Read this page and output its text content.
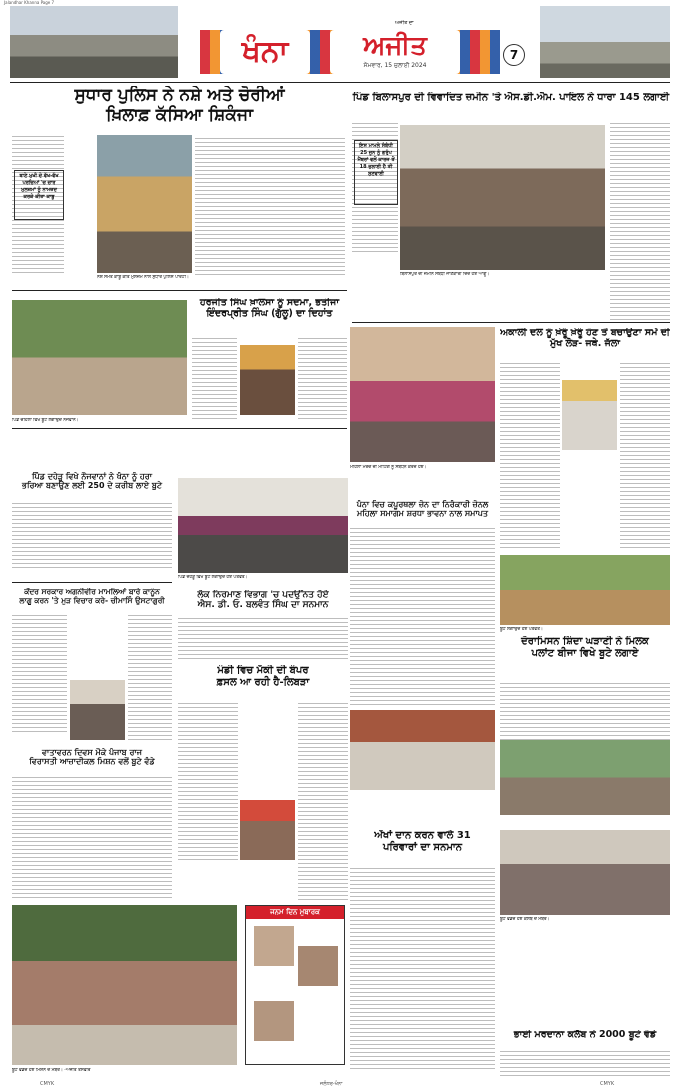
Jalandhar Khanna Page 7
ਖੰਨਾ	ਅਜੀਤ
ਸੋਮਵਾਰ, 15 ਜੁਲਾਈ 2024
ਅਜੀਤ ਦਾ
7
ਸੁਧਾਰ ਪੁਲਿਸ ਨੇ ਨਸ਼ੇ ਅਤੇ ਚੋਰੀਆਂ
ਖ਼ਿਲਾਫ਼ ਕੱਸਿਆ ਸ਼ਿਕੰਜਾ
ਥਾਣੇ ਮੁਖੀ ਦੇ ਵੱਖ-ਵੱਖ ਪਰਚਿਆਂ 'ਚ ਚਾਰ ਮੁਲਜ਼ਮਾਂ ਨੂੰ ਨਾਮਜ਼ਦ ਕਰਕੇ ਕੀਤਾ ਕਾਬੂ
ਨਸ਼ੇ ਸਮੇਤ ਕਾਬੂ ਕੀਤੇ ਮੁਲਜ਼ਮ ਨਾਲ ਸੁਧਾਰ ਪੁਲਿਸ ਪਾਰਟੀ।
ਪਿੰਡ ਬਿਲਾਸਪੁਰ ਦੀ ਵਿਵਾਦਿਤ ਜ਼ਮੀਨ 'ਤੇ ਐਸ.ਡੀ.ਐਮ. ਪਾਇਲ ਨੇ ਧਾਰਾ 145 ਲਗਾਈ
ਇਸ ਮਾਮਲੇ ਸੰਬੰਧੀ 25 ਜੂਨ ਨੂੰ ਗਰੁੱਪ ਮੈਂਬਰਾਂ ਵਲੋਂ ਕਾਰਜ ਤੋਂ 18 ਜੁਲਾਈ ਹੈ ਤੀ ਸੁਣਵਾਈ
ਬਿਲਾਸਪੁਰ ਦੀ ਜ਼ਮੀਨ ਸਬੰਧੀ ਜਾਣਕਾਰੀ ਦਿੰਦੇ ਹੋਏ ਆਗੂ।
ਪਿੰਡ ਚਹਿਲਾਂ ਵਿਖੇ ਬੂਟੇ ਲਗਾਉਂਦੇ ਨੌਜਵਾਨ।
ਹਰਜੀਤ ਸਿੰਘ ਖ਼ਾਲਸਾ ਨੂੰ ਸਦਮਾ, ਭਤੀਜਾ
ਇੰਦਰਪ੍ਰੀਤ ਸਿੰਘ (ਗੁੱਲੂ) ਦਾ ਦਿਹਾਂਤ
ਮਹਿਲਾ ਮੋਰਚੇ ਦੀ ਮੀਟਿੰਗ ਨੂੰ ਸੰਬੋਧਨ ਕਰਦੇ ਹੋਏ।
ਅਕਾਲੀ ਦਲ ਨੂੰ ਖ਼ੇਰੂੰ ਖ਼ੇਰੂੰ ਹੋਣ ਤੋਂ ਬਚਾਉਣਾ ਸਮੇਂ ਦੀ ਮੁੱਖ ਲੋੜ- ਜਥੇ. ਜੱਲਾ
ਪਿੰਡ ਦਹੇੜੂ ਵਿਖੇ ਨੌਜਵਾਨਾਂ ਨੇ ਖੰਨਾ ਨੂੰ ਹਰਾ
ਭਰਿਆ ਬਣਾਉਣ ਲਈ 250 ਦੇ ਕਰੀਬ ਲਾਏ ਬੂਟੇ
ਪਿੰਡ ਦਹੇੜੂ ਵਿਖੇ ਬੂਟੇ ਲਗਾਉਂਦੇ ਹੋਏ ਪਤਵੰਤੇ।
ਪੰਨਾ ਵਿਚ ਕਪੂਰਥਲਾ ਜ਼ੋਨ ਦਾ ਨਿਰੰਕਾਰੀ ਜ਼ੋਨਲ
ਮਹਿਲਾ ਸਮਾਗਮ ਸ਼ਰਧਾ ਭਾਵਨਾ ਨਾਲ ਸਮਾਪਤ
ਬੂਟੇ ਲਗਾਉਂਦੇ ਹੋਏ ਪਤਵੰਤੇ।
ਦੋਰਾਮਿਸਨ ਸ਼ਿੰਦਾ ਘੜਾਣੀ ਨੇ ਮਿਲਕ
ਪਲਾਂਟ ਬੀਜਾ ਵਿਖੇ ਬੂਟੇ ਲਗਾਏ
ਕੇਂਦਰ ਸਰਕਾਰ ਅਗਨੀਵੀਰ ਮਾਮਲਿਆਂ ਬਾਰੇ ਕਾਨੂੰਨ
ਲਾਗੂ ਕਰਨ 'ਤੇ ਮੁੜ ਵਿਚਾਰ ਕਰੇ- ਚੀਮਾਸਿੰ ਉਸਟਾਗੁਰੀ
ਲੋਕ ਨਿਰਮਾਣ ਵਿਭਾਗ 'ਚ ਪਦਉੱਨਤ ਹੋਏ
ਐਸ. ਡੀ. ਓ. ਬਲਵੰਤ ਸਿੰਘ ਦਾ ਸਨਮਾਨ
ਮੰਡੀ ਵਿਚ ਮੱਕੀ ਦੀ ਬੰਪਰ
ਫ਼ਸਲ ਆ ਰਹੀ ਹੈ-ਲਿਬੜਾ
ਵਾਤਾਵਰਨ ਦਿਵਸ ਮੌਕੇ ਪੰਜਾਬ ਰਾਜ
ਵਿਰਾਸਤੀ ਆਜ਼ਾਦੀਕਲ ਮਿਸ਼ਨ ਵਲੋਂ ਬੂਟੇ ਵੰਡੇ
ਬੂਟੇ ਵੰਡਦੇ ਹੋਏ ਮਿਸ਼ਨ ਦੇ ਮੈਂਬਰ। -ਅਜੀਤ ਤਸਵੀਰ
ਜਨਮ ਦਿਨ ਮੁਬਾਰਕ
ਅੱਖਾਂ ਦਾਨ ਕਰਨ ਵਾਲੇ 31
ਪਰਿਵਾਰਾਂ ਦਾ ਸਨਮਾਨ
ਬੂਟੇ ਵੰਡਦੇ ਹੋਏ ਕਲੱਬ ਦੇ ਮੈਂਬਰ।
ਭਾਈ ਮਰਦਾਨਾ ਕਲੱਬ ਨੇ 2000 ਬੂਟੇ ਵੰਡੇ
CMYK	ਜਲੰਧਰ-ਖੰਨਾ	CMYK
